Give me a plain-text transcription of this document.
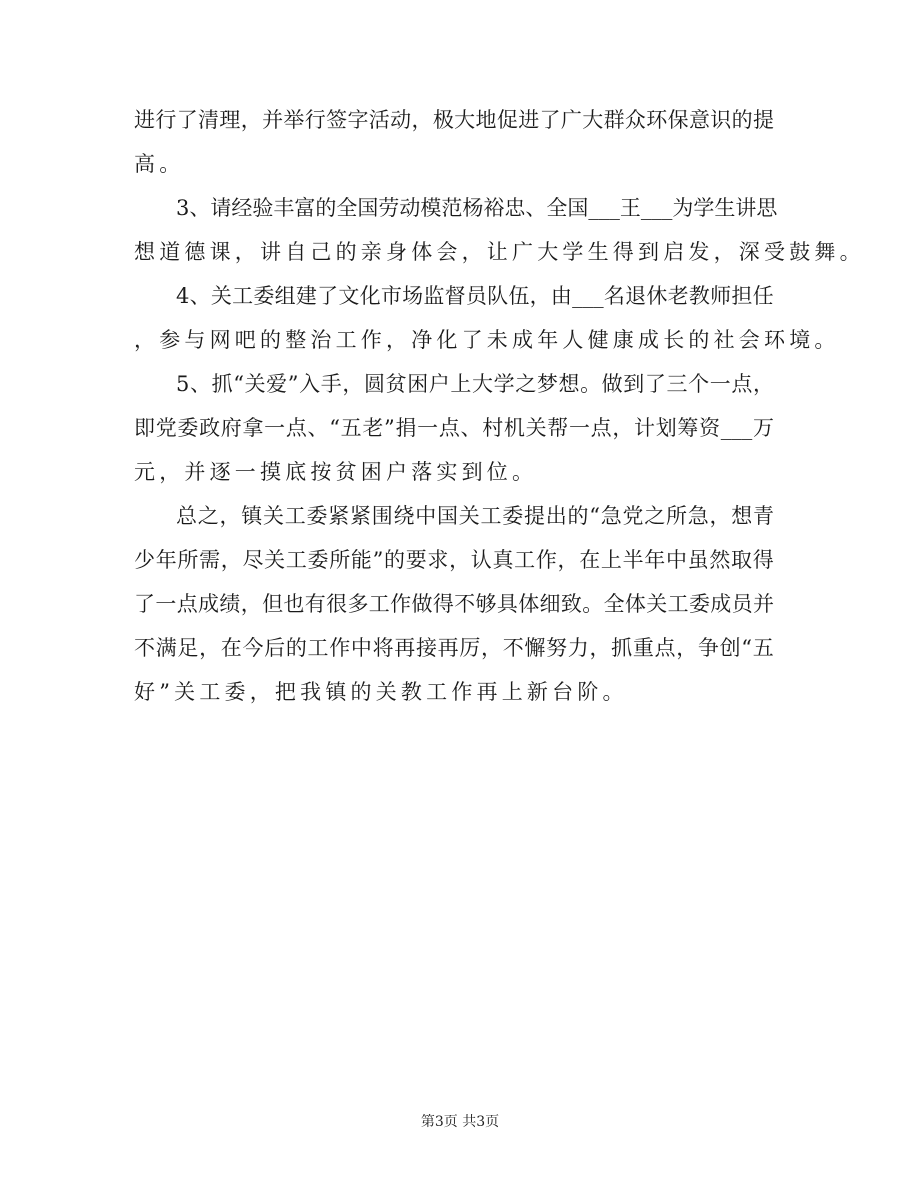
进 行 了 清 理 ， 并 举 行 签 字 活 动 ， 极 大 地 促 进 了 广 大 群 众 环 保 意 识 的 提
高。
3 、 请 经 验 丰 富 的 全 国 劳 动 模 范 杨 裕 忠 、 全 国 ___ 王 ___ 为 学 生 讲 思
想道德课，讲自己的亲身体会，让广大学生得到启发，深受鼓舞。
4 、 关 工 委 组 建 了 文 化 市 场 监 督 员 队 伍 ， 由 ___ 名 退 休 老 教 师 担 任
，参与网吧的整治工作，净化了未成年人健康成长的社会环境。
5 、 抓 “ 关 爱 ” 入 手 ， 圆 贫 困 户 上 大 学 之 梦 想 。 做 到 了 三 个 一 点 ，
即 党 委 政 府 拿 一 点 、 “ 五 老 ” 捐 一 点 、 村 机 关 帮 一 点 ， 计 划 筹 资 ___ 万
元，并逐一摸底按贫困户落实到位。
总 之 ， 镇 关 工 委 紧 紧 围 绕 中 国 关 工 委 提 出 的 “ 急 党 之 所 急 ， 想 青
少 年 所 需 ， 尽 关 工 委 所 能 ” 的 要 求 ， 认 真 工 作 ， 在 上 半 年 中 虽 然 取 得
了 一 点 成 绩 ， 但 也 有 很 多 工 作 做 得 不 够 具 体 细 致 。 全 体 关 工 委 成 员 并
不 满 足 ， 在 今 后 的 工 作 中 将 再 接 再 厉 ， 不 懈 努 力 ， 抓 重 点 ， 争 创 “ 五
好”关工委，把我镇的关教工作再上新台阶。
第3页 共3页
